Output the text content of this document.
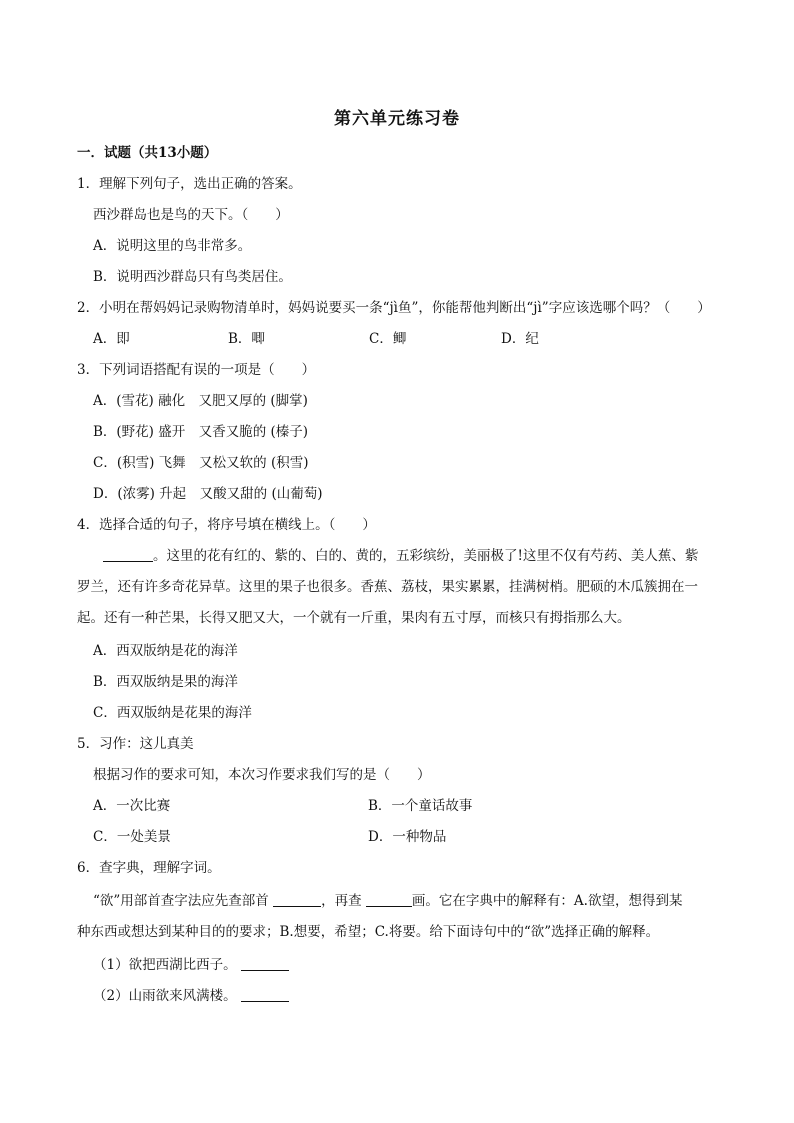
第六单元练习卷
一．试题（共13小题）
1．理解下列句子，选出正确的答案。
西沙群岛也是鸟的天下。（　　）
A．说明这里的鸟非常多。
B．说明西沙群岛只有鸟类居住。
2．小明在帮妈妈记录购物清单时，妈妈说要买一条“jì鱼”，你能帮他判断出“jì”字应该选哪个吗？（　　）
A．即	B．唧	C．鲫	D．纪
3．下列词语搭配有误的一项是（　　）
A．(雪花) 融化　又肥又厚的 (脚掌)
B．(野花) 盛开　又香又脆的 (榛子)
C．(积雪) 飞舞　又松又软的 (积雪)
D．(浓雾) 升起　又酸又甜的 (山葡萄)
4．选择合适的句子，将序号填在横线上。（　　）
。这里的花有红的、紫的、白的、黄的，五彩缤纷，美丽极了!这里不仅有芍药、美人蕉、紫
罗兰，还有许多奇花异草。这里的果子也很多。香蕉、荔枝，果实累累，挂满树梢。肥硕的木瓜簇拥在一
起。还有一种芒果，长得又肥又大，一个就有一斤重，果肉有五寸厚，而核只有拇指那么大。
A．西双版纳是花的海洋
B．西双版纳是果的海洋
C．西双版纳是花果的海洋
5．习作：这儿真美
根据习作的要求可知，本次习作要求我们写的是（　　）
A．一次比赛	B．一个童话故事
C．一处美景	D．一种物品
6．查字典，理解字词。
“欲”用部首查字法应先查部首	，再查	画。它在字典中的解释有：A.欲望，想得到某
种东西或想达到某种目的的要求；B.想要，希望；C.将要。给下面诗句中的“欲”选择正确的解释。
（1）欲把西湖比西子。
（2）山雨欲来风满楼。
